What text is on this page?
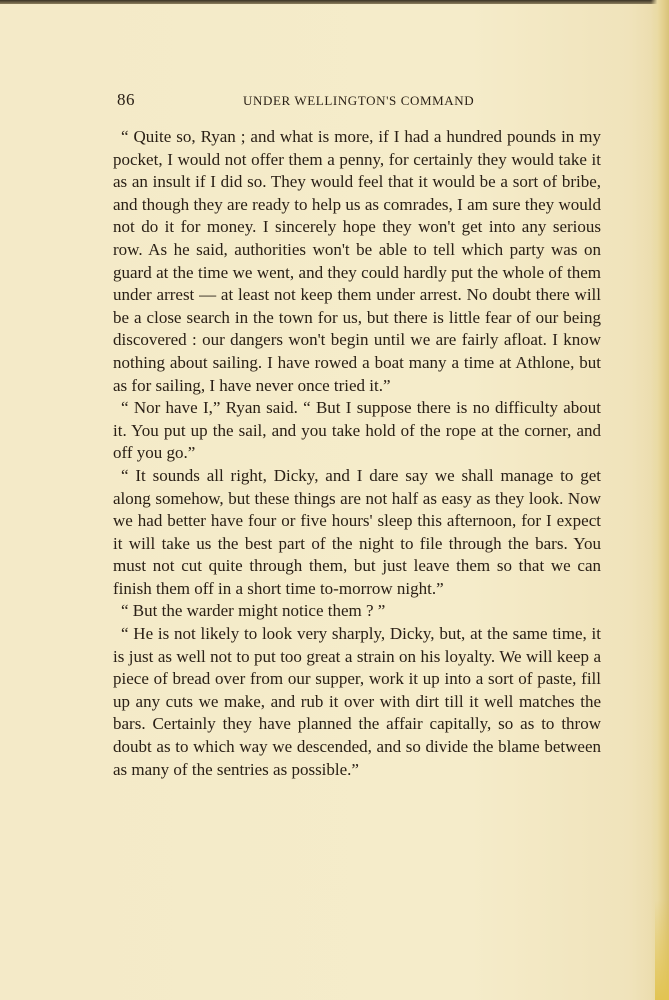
86	UNDER WELLINGTON'S COMMAND

“ Quite so, Ryan ; and what is more, if I had a hundred pounds in my pocket, I would not offer them a penny, for certainly they would take it as an insult if I did so. They would feel that it would be a sort of bribe, and though they are ready to help us as comrades, I am sure they would not do it for money. I sincerely hope they won't get into any serious row. As he said, authorities won't be able to tell which party was on guard at the time we went, and they could hardly put the whole of them under arrest — at least not keep them under arrest. No doubt there will be a close search in the town for us, but there is little fear of our being discovered : our dangers won't begin until we are fairly afloat. I know nothing about sailing. I have rowed a boat many a time at Athlone, but as for sailing, I have never once tried it.”

“ Nor have I,” Ryan said. “ But I suppose there is no difficulty about it. You put up the sail, and you take hold of the rope at the corner, and off you go.”

“ It sounds all right, Dicky, and I dare say we shall manage to get along somehow, but these things are not half as easy as they look. Now we had better have four or five hours' sleep this afternoon, for I expect it will take us the best part of the night to file through the bars. You must not cut quite through them, but just leave them so that we can finish them off in a short time to-morrow night.”

“ But the warder might notice them ? ”

“ He is not likely to look very sharply, Dicky, but, at the same time, it is just as well not to put too great a strain on his loyalty. We will keep a piece of bread over from our supper, work it up into a sort of paste, fill up any cuts we make, and rub it over with dirt till it well matches the bars. Certainly they have planned the affair capitally, so as to throw doubt as to which way we descended, and so divide the blame between as many of the sentries as possible.”
